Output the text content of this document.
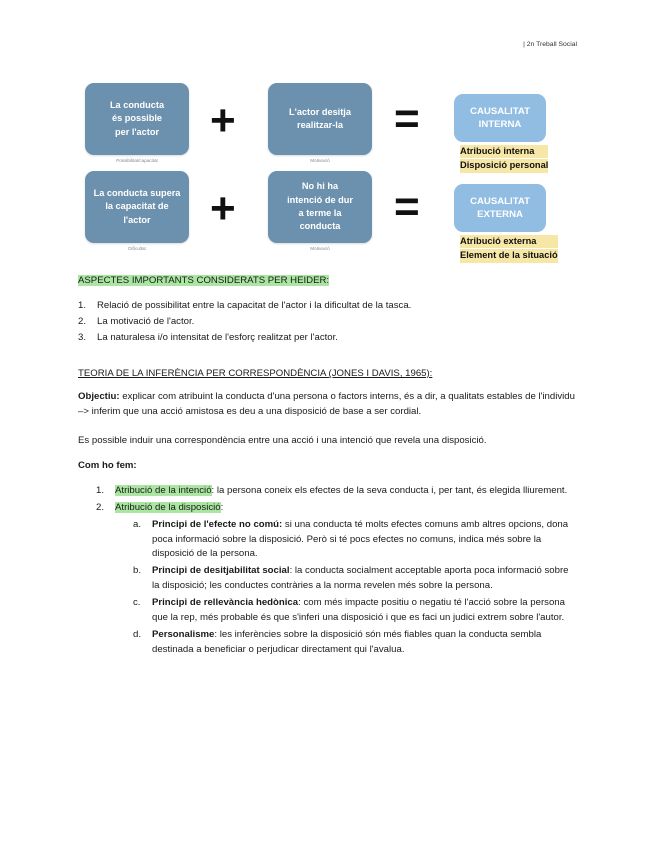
| 2n Treball Social
La conducta
és possible
per l'actor
Possibilitat/capacitat
+	L'actor desitja
realitzar-la
Motivació
=	CAUSALITAT
INTERNA
Atribució interna
Disposició personal
La conducta supera
la capacitat de
l'actor
Dificultat
+	No hi ha
intenció de dur
a terme la
conducta
Motivació
=	CAUSALITAT
EXTERNA
Atribució externa
Element de la situació
ASPECTES IMPORTANTS CONSIDERATS PER HEIDER:
1. Relació de possibilitat entre la capacitat de l'actor i la dificultat de la tasca.
2. La motivació de l'actor.
3. La naturalesa i/o intensitat de l'esforç realitzat per l'actor.
TEORIA DE LA INFERÈNCIA PER CORRESPONDÈNCIA (JONES I DAVIS, 1965):
Objectiu: explicar com atribuint la conducta d'una persona o factors interns, és a dir, a qualitats estables de l'individu –> inferim que una acció amistosa es deu a una disposició de base a ser cordial.
Es possible induir una correspondència entre una acció i una intenció que revela una disposició.
Com ho fem:
1. Atribució de la intenció: la persona coneix els efectes de la seva conducta i, per tant, és elegida lliurement.
2. Atribució de la disposició:
a. Principi de l'efecte no comú: si una conducta té molts efectes comuns amb altres opcions, dona poca informació sobre la disposició. Però si té pocs efectes no comuns, indica més sobre la disposició de la persona.
b. Principi de desitjabilitat social: la conducta socialment acceptable aporta poca informació sobre la disposició; les conductes contràries a la norma revelen més sobre la persona.
c. Principi de rellevància hedònica: com més impacte positiu o negatiu té l'acció sobre la persona que la rep, més probable és que s'inferi una disposició i que es faci un judici extrem sobre l'autor.
d. Personalisme: les inferències sobre la disposició són més fiables quan la conducta sembla destinada a beneficiar o perjudicar directament qui l'avalua.
